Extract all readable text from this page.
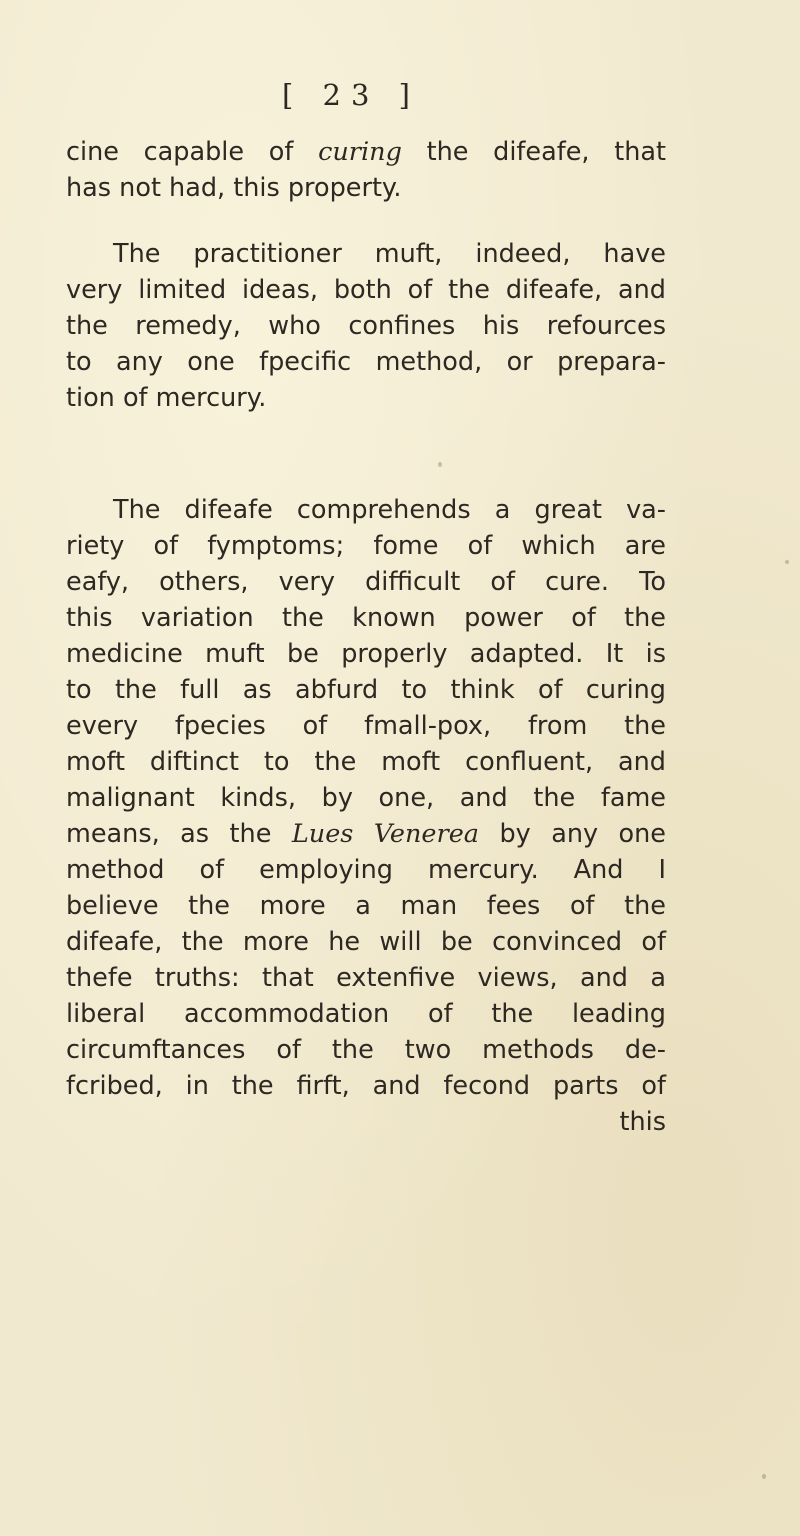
[ 23 ]
cine capable of curing the difeafe, that
has not had, this property.
The practitioner muft, indeed, have
very limited ideas, both of the difeafe, and
the remedy, who confines his refources
to any one fpecific method, or prepara-
tion of mercury.
The difeafe comprehends a great va-
riety of fymptoms; fome of which are
eafy, others, very difficult of cure. To
this variation the known power of the
medicine muft be properly adapted. It is
to the full as abfurd to think of curing
every fpecies of fmall-pox, from the
moft diftinct to the moft confluent, and
malignant kinds, by one, and the fame
means, as the Lues Venerea by any one
method of employing mercury. And I
believe the more a man fees of the
difeafe, the more he will be convinced of
thefe truths: that extenfive views, and a
liberal accommodation of the leading
circumftances of the two methods de-
fcribed, in the firft, and fecond parts of
this
